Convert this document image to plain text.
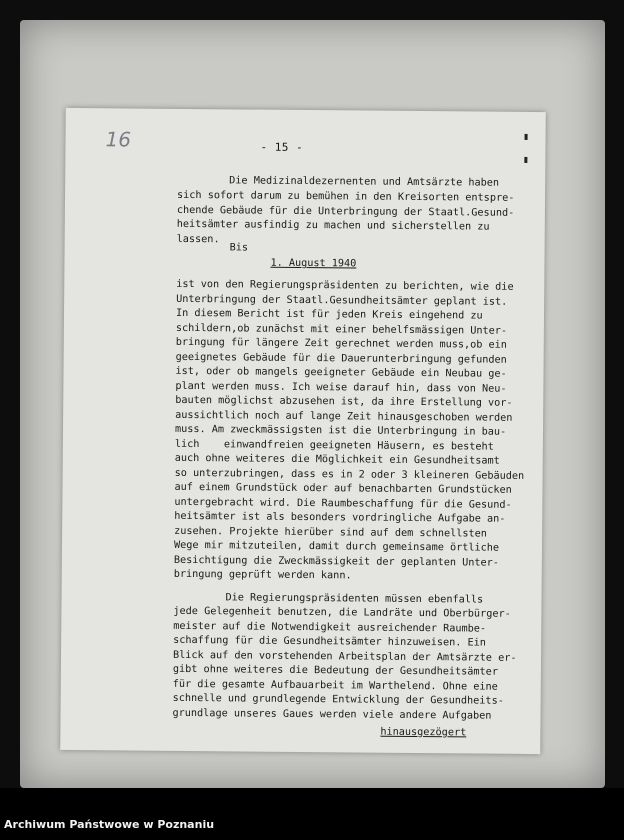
16	- 15 -
Die Medizinaldezernenten und Amtsärzte haben
sich sofort darum zu bemühen in den Kreisorten entspre-
chende Gebäude für die Unterbringung der Staatl.Gesund-
heitsämter ausfindig zu machen und sicherstellen zu
lassen.
Bis
1. August 1940
ist von den Regierungspräsidenten zu berichten, wie die
Unterbringung der Staatl.Gesundheitsämter geplant ist.
In diesem Bericht ist für jeden Kreis eingehend zu
schildern,ob zunächst mit einer behelfsmässigen Unter-
bringung für längere Zeit gerechnet werden muss,ob ein
geeignetes Gebäude für die Dauerunterbringung gefunden
ist, oder ob mangels geeigneter Gebäude ein Neubau ge-
plant werden muss. Ich weise darauf hin, dass von Neu-
bauten möglichst abzusehen ist, da ihre Erstellung vor-
aussichtlich noch auf lange Zeit hinausgeschoben werden
muss. Am zweckmässigsten ist die Unterbringung in bau-
lich    einwandfreien geeigneten Häusern, es besteht
auch ohne weiteres die Möglichkeit ein Gesundheitsamt
so unterzubringen, dass es in 2 oder 3 kleineren Gebäuden
auf einem Grundstück oder auf benachbarten Grundstücken
untergebracht wird. Die Raumbeschaffung für die Gesund-
heitsämter ist als besonders vordringliche Aufgabe an-
zusehen. Projekte hierüber sind auf dem schnellsten
Wege mir mitzuteilen, damit durch gemeinsame örtliche
Besichtigung die Zweckmässigkeit der geplanten Unter-
bringung geprüft werden kann.
Die Regierungspräsidenten müssen ebenfalls
jede Gelegenheit benutzen, die Landräte und Oberbürger-
meister auf die Notwendigkeit ausreichender Raumbe-
schaffung für die Gesundheitsämter hinzuweisen. Ein
Blick auf den vorstehenden Arbeitsplan der Amtsärzte er-
gibt ohne weiteres die Bedeutung der Gesundheitsämter
für die gesamte Aufbauarbeit im Warthelend. Ohne eine
schnelle und grundlegende Entwicklung der Gesundheits-
grundlage unseres Gaues werden viele andere Aufgaben
hinausgezögert
Archiwum Państwowe w Poznaniu
